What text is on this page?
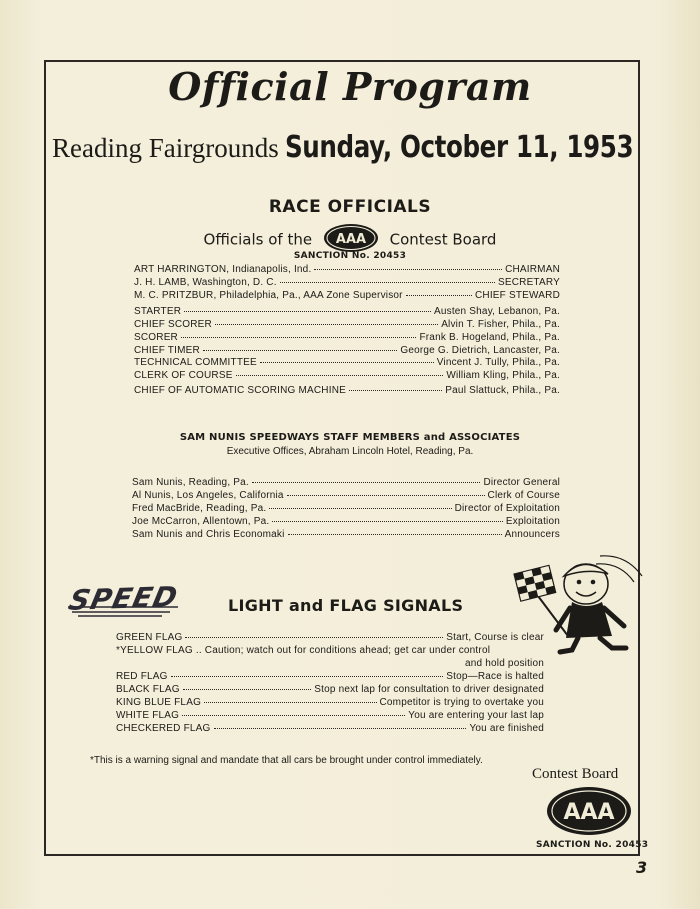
Official Program
Reading Fairgrounds Sunday, October 11, 1953
RACE OFFICIALS
Officials of the AAA Contest Board
SANCTION No. 20453
ART HARRINGTON, Indianapolis, Ind.	CHAIRMAN
J. H. LAMB, Washington, D. C.	SECRETARY
M. C. PRITZBUR, Philadelphia, Pa., AAA Zone Supervisor	CHIEF STEWARD
STARTER	Austen Shay, Lebanon, Pa.
CHIEF SCORER	Alvin T. Fisher, Phila., Pa.
SCORER	Frank B. Hogeland, Phila., Pa.
CHIEF TIMER	George G. Dietrich, Lancaster, Pa.
TECHNICAL COMMITTEE	Vincent J. Tully, Phila., Pa.
CLERK OF COURSE	William Kling, Phila., Pa.
CHIEF OF AUTOMATIC SCORING MACHINE	Paul Slattuck, Phila., Pa.
SAM NUNIS SPEEDWAYS STAFF MEMBERS and ASSOCIATES
Executive Offices, Abraham Lincoln Hotel, Reading, Pa.
Sam Nunis, Reading, Pa.	Director General
Al Nunis, Los Angeles, California	Clerk of Course
Fred MacBride, Reading, Pa.	Director of Exploitation
Joe McCarron, Allentown, Pa.	Exploitation
Sam Nunis and Chris Economaki	Announcers
SPEED	LIGHT and FLAG SIGNALS
GREEN FLAG	Start, Course is clear
*YELLOW FLAG .. Caution; watch out for conditions ahead; get car under control
and hold position
RED FLAG	Stop—Race is halted
BLACK FLAG	Stop next lap for consultation to driver designated
KING BLUE FLAG	Competitor is trying to overtake you
WHITE FLAG	You are entering your last lap
CHECKERED FLAG	You are finished
*This is a warning signal and mandate that all cars be brought under control immediately.
Contest Board
AAA
SANCTION No. 20453
3
